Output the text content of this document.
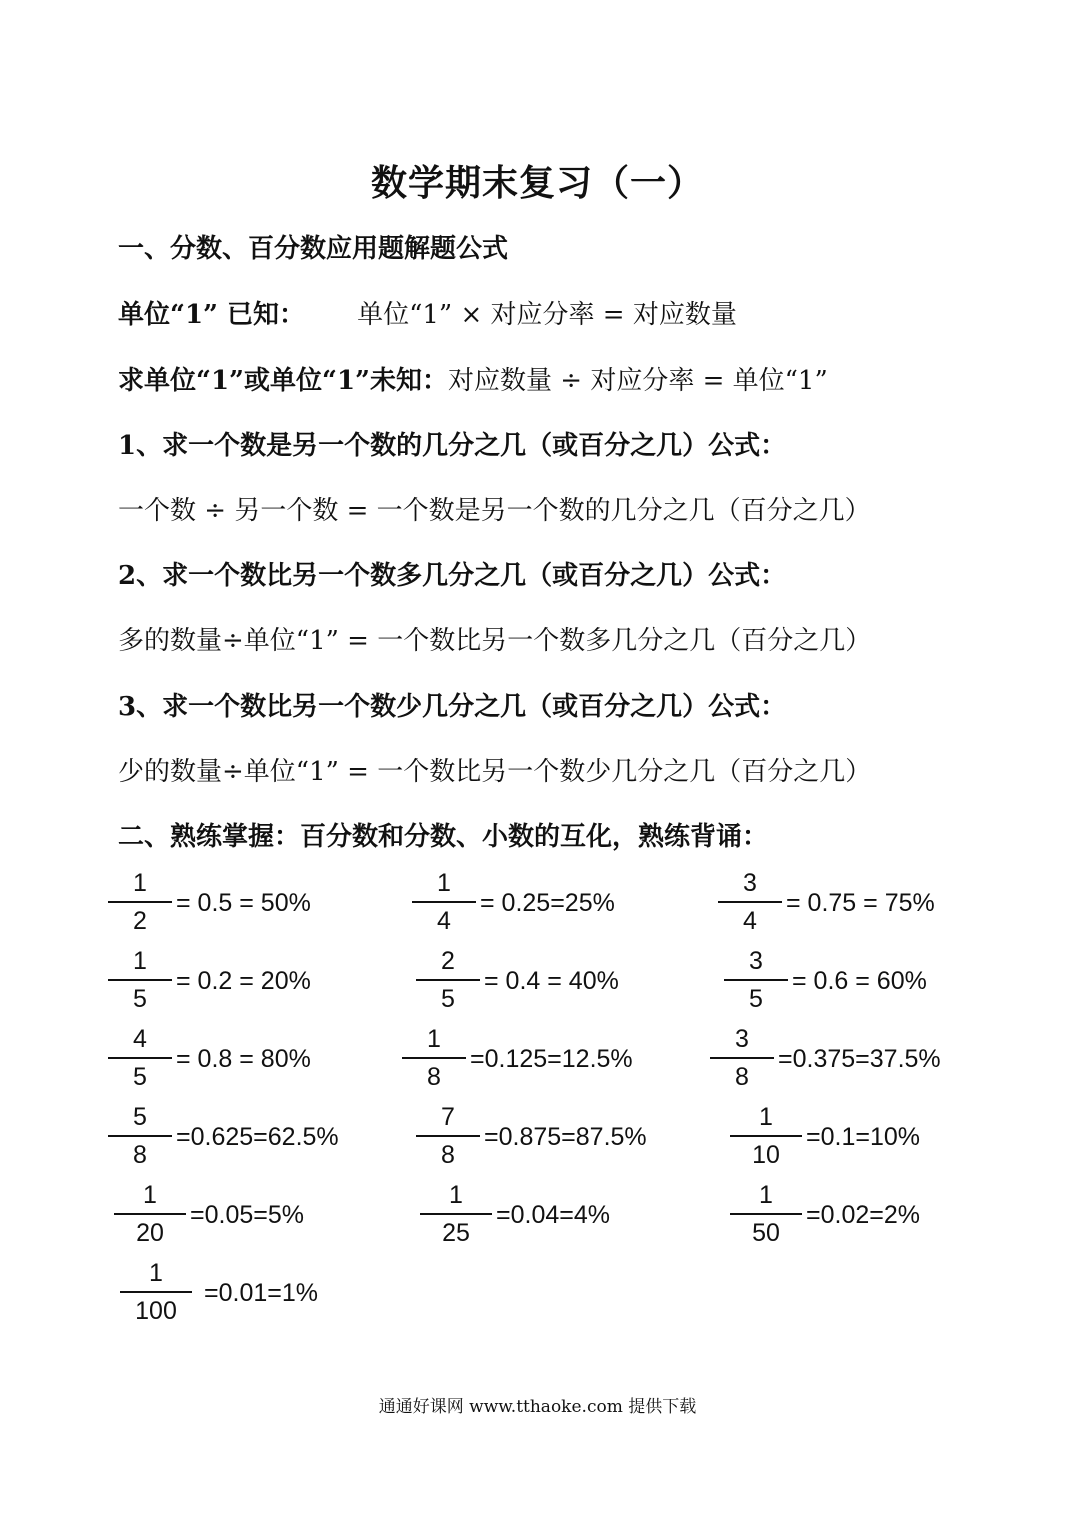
数学期末复习（一）
一、分数、百分数应用题解题公式
单位“1” 已知： 单位“1” × 对应分率 = 对应数量
求单位“1”或单位“1”未知：对应数量 ÷ 对应分率 = 单位“1”
1、求一个数是另一个数的几分之几（或百分之几）公式：
一个数 ÷ 另一个数 = 一个数是另一个数的几分之几（百分之几）
2、求一个数比另一个数多几分之几（或百分之几）公式：
多的数量÷单位“1” = 一个数比另一个数多几分之几（百分之几）
3、求一个数比另一个数少几分之几（或百分之几）公式：
少的数量÷单位“1” = 一个数比另一个数少几分之几（百分之几）
二、熟练掌握：百分数和分数、小数的互化，熟练背诵：
1
2
= 0.5 = 50%
1
4
= 0.25=25%
3
4
= 0.75 = 75%
1
5
= 0.2 = 20%
2
5
= 0.4 = 40%
3
5
= 0.6 = 60%
4
5
= 0.8 = 80%
1
8
=0.125=12.5%
3
8
=0.375=37.5%
5
8
=0.625=62.5%
7
8
=0.875=87.5%
1
10
=0.1=10%
1
20
=0.05=5%
1
25
=0.04=4%
1
50
=0.02=2%
1
100
=0.01=1%
通通好课网 www.tthaoke.com 提供下载
